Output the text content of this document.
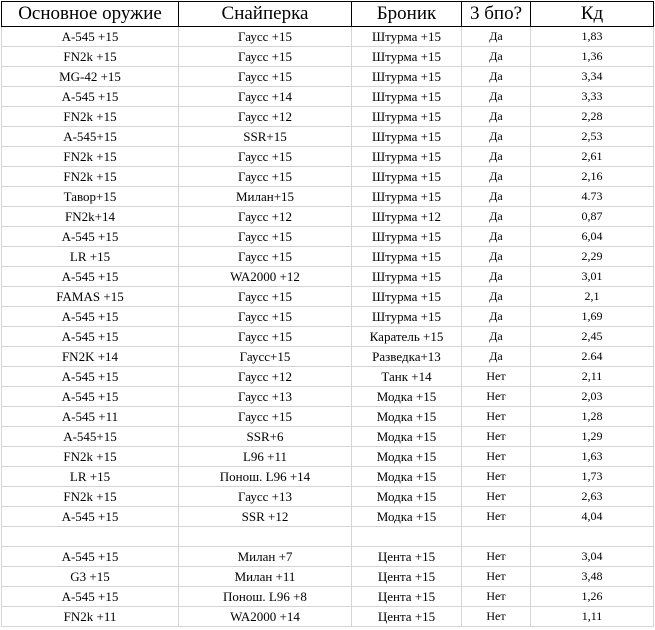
Основное оружие	Снайперка	Броник	3 бпо?	Кд
А-545 +15	Гаусс +15	Штурма +15	Да	1,83
FN2k +15	Гаусс +15	Штурма +15	Да	1,36
MG-42 +15	Гаусс +15	Штурма +15	Да	3,34
А-545 +15	Гаусс +14	Штурма +15	Да	3,33
FN2k +15	Гаусс +12	Штурма +15	Да	2,28
А-545+15	SSR+15	Штурма +15	Да	2,53
FN2k +15	Гаусс +15	Штурма +15	Да	2,61
FN2k +15	Гаусс +15	Штурма +15	Да	2,16
Тавор+15	Милан+15	Штурма +15	Да	4.73
FN2k+14	Гаусс +12	Штурма +12	Да	0,87
А-545 +15	Гаусс +15	Штурма +15	Да	6,04
LR +15	Гаусс +15	Штурма +15	Да	2,29
А-545 +15	WA2000 +12	Штурма +15	Да	3,01
FAMAS +15	Гаусс +15	Штурма +15	Да	2,1
А-545 +15	Гаусс +15	Штурма +15	Да	1,69
А-545 +15	Гаусс +15	Каратель +15	Да	2,45
FN2K +14	Гаусс+15	Разведка+13	Да	2.64
А-545 +15	Гаусс +12	Танк +14	Нет	2,11
А-545 +15	Гаусс +13	Модка +15	Нет	2,03
А-545 +11	Гаусс +15	Модка +15	Нет	1,28
А-545+15	SSR+6	Модка +15	Нет	1,29
FN2k +15	L96 +11	Модка +15	Нет	1,63
LR +15	Понош. L96 +14	Модка +15	Нет	1,73
FN2k +15	Гаусс +13	Модка +15	Нет	2,63
А-545 +15	SSR +12	Модка +15	Нет	4,04

А-545 +15	Милан +7	Цента +15	Нет	3,04
G3 +15	Милан +11	Цента +15	Нет	3,48
А-545 +15	Понош. L96 +8	Цента +15	Нет	1,26
FN2k +11	WA2000 +14	Цента +15	Нет	1,11
